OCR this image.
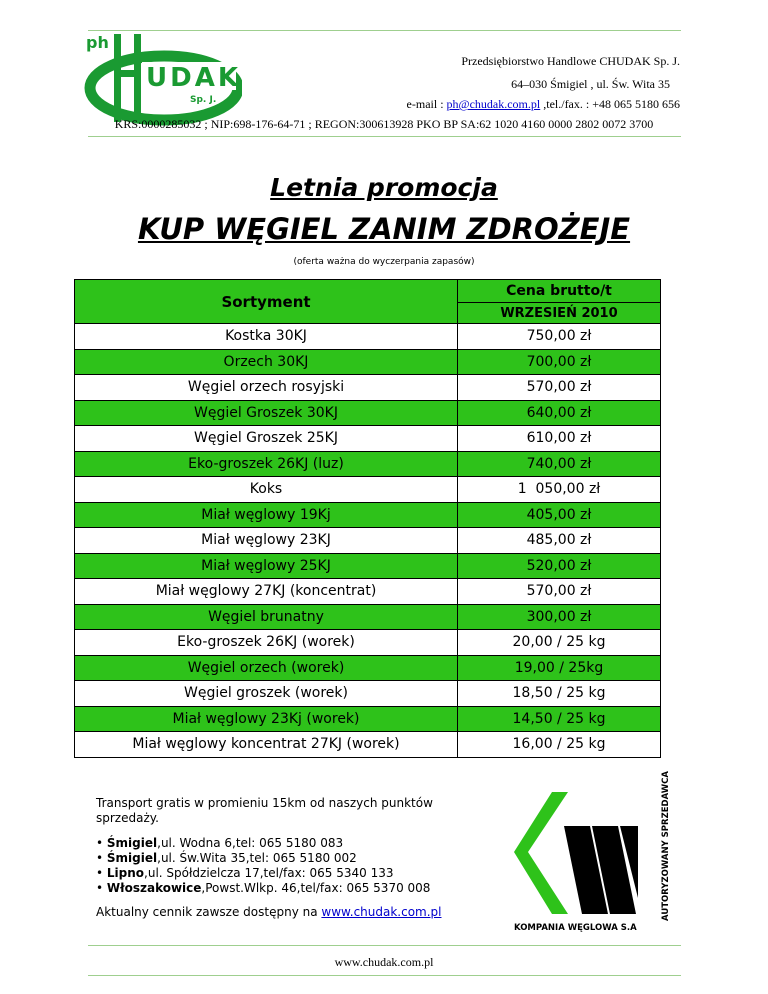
ph
UDAK
Sp. J.
Przedsiębiorstwo Handlowe CHUDAK Sp. J.
64–030 Śmigiel , ul. Św. Wita 35
e-mail : ph@chudak.com.pl ,tel./fax. : +48 065 5180 656
KRS:0000285032 ; NIP:698-176-64-71 ; REGON:300613928 PKO BP SA:62 1020 4160 0000 2802 0072 3700
Letnia promocja
KUP WĘGIEL ZANIM ZDROŻEJE
(oferta ważna do wyczerpania zapasów)
Sortyment	Cena brutto/t
	WRZESIEŃ 2010
Kostka 30KJ	750,00 zł
Orzech 30KJ	700,00 zł
Węgiel orzech rosyjski	570,00 zł
Węgiel Groszek 30KJ	640,00 zł
Węgiel Groszek 25KJ	610,00 zł
Eko-groszek 26KJ (luz)	740,00 zł
Koks	1  050,00 zł
Miał węglowy 19Kj	405,00 zł
Miał węglowy 23KJ	485,00 zł
Miał węglowy 25KJ	520,00 zł
Miał węglowy 27KJ (koncentrat)	570,00 zł
Węgiel brunatny	300,00 zł
Eko-groszek 26KJ (worek)	20,00 / 25 kg
Węgiel orzech (worek)	19,00 / 25kg
Węgiel groszek (worek)	18,50 / 25 kg
Miał węglowy 23Kj (worek)	14,50 / 25 kg
Miał węglowy koncentrat 27KJ (worek)	16,00 / 25 kg
Transport gratis w promieniu 15km od naszych punktów sprzedaży.
• Śmigiel,ul. Wodna 6,tel: 065 5180 083
• Śmigiel,ul. Św.Wita 35,tel: 065 5180 002
• Lipno,ul. Spółdzielcza 17,tel/fax: 065 5340 133
• Włoszakowice,Powst.Wlkp. 46,tel/fax: 065 5370 008
Aktualny cennik zawsze dostępny na www.chudak.com.pl
KOMPANIA WĘGLOWA S.A
AUTORYZOWANY SPRZEDAWCA
www.chudak.com.pl
